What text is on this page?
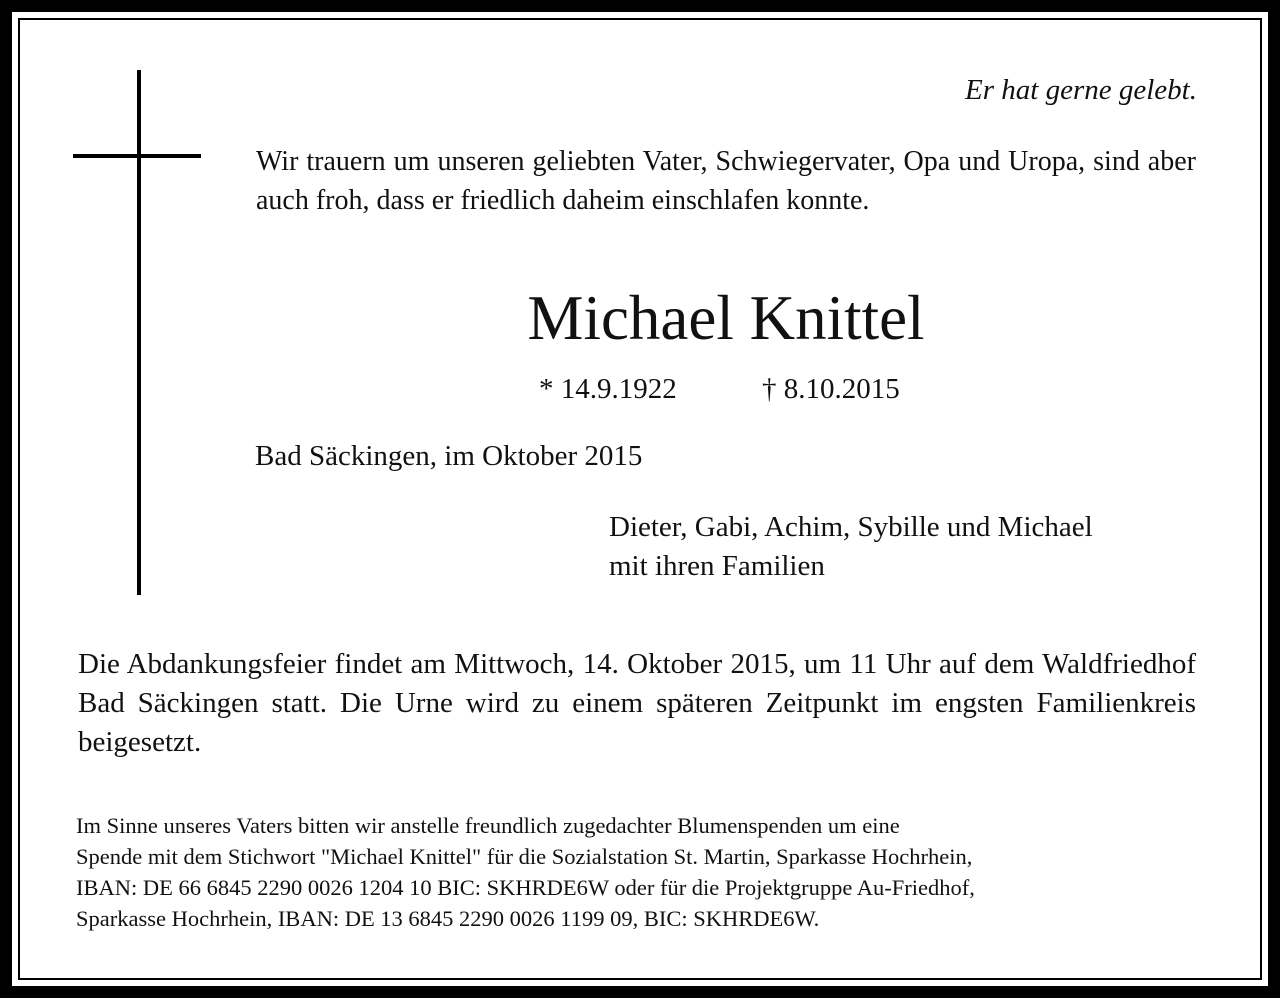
Er hat gerne gelebt.

Wir trauern um unseren geliebten Vater, Schwiegervater, Opa und Uropa, sind aber auch froh, dass er friedlich daheim einschlafen konnte.

Michael Knittel

* 14.9.1922	† 8.10.2015

Bad Säckingen, im Oktober 2015

Dieter, Gabi, Achim, Sybille und Michael
mit ihren Familien

Die Abdankungsfeier findet am Mittwoch, 14. Oktober 2015, um 11 Uhr auf dem Waldfriedhof Bad Säckingen statt. Die Urne wird zu einem späteren Zeitpunkt im engsten Familienkreis beigesetzt.

Im Sinne unseres Vaters bitten wir anstelle freundlich zugedachter Blumenspenden um eine
Spende mit dem Stichwort "Michael Knittel" für die Sozialstation St. Martin, Sparkasse Hochrhein,
IBAN: DE 66 6845 2290 0026 1204 10 BIC: SKHRDE6W oder für die Projektgruppe Au-Friedhof,
Sparkasse Hochrhein, IBAN: DE 13 6845 2290 0026 1199 09, BIC: SKHRDE6W.
